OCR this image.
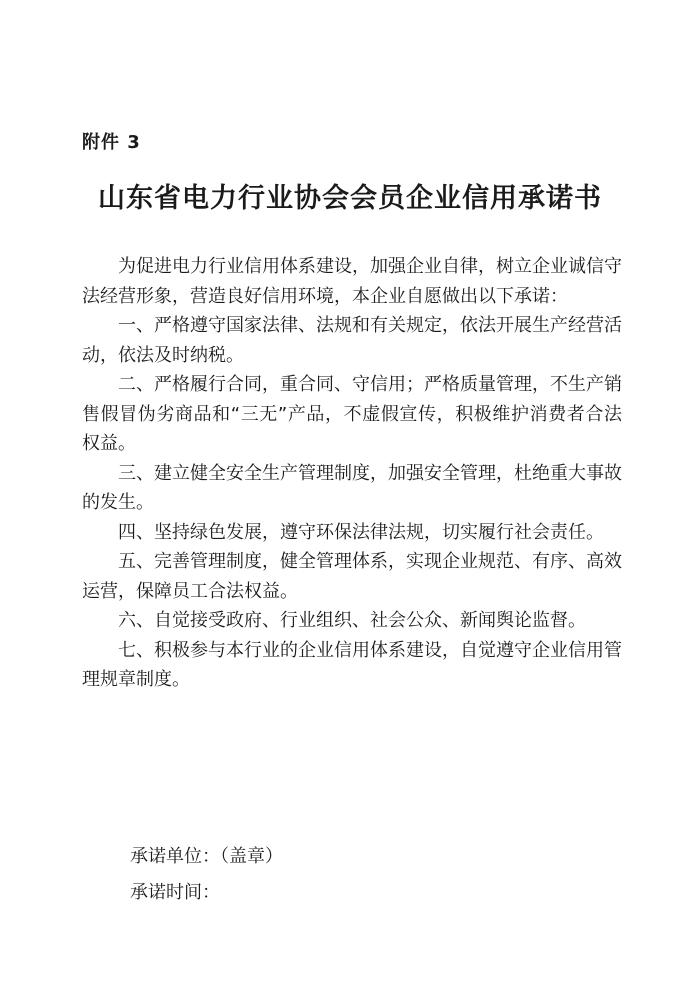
附件 3
山东省电力行业协会会员企业信用承诺书

为促进电力行业信用体系建设，加强企业自律，树立企业诚信守法经营形象，营造良好信用环境，本企业自愿做出以下承诺：

一、严格遵守国家法律、法规和有关规定，依法开展生产经营活动，依法及时纳税。

二、严格履行合同，重合同、守信用；严格质量管理，不生产销售假冒伪劣商品和“三无”产品，不虚假宣传，积极维护消费者合法权益。

三、建立健全安全生产管理制度，加强安全管理，杜绝重大事故的发生。

四、坚持绿色发展，遵守环保法律法规，切实履行社会责任。

五、完善管理制度，健全管理体系，实现企业规范、有序、高效运营，保障员工合法权益。

六、自觉接受政府、行业组织、社会公众、新闻舆论监督。

七、积极参与本行业的企业信用体系建设，自觉遵守企业信用管理规章制度。

承诺单位：（盖章）
承诺时间：
